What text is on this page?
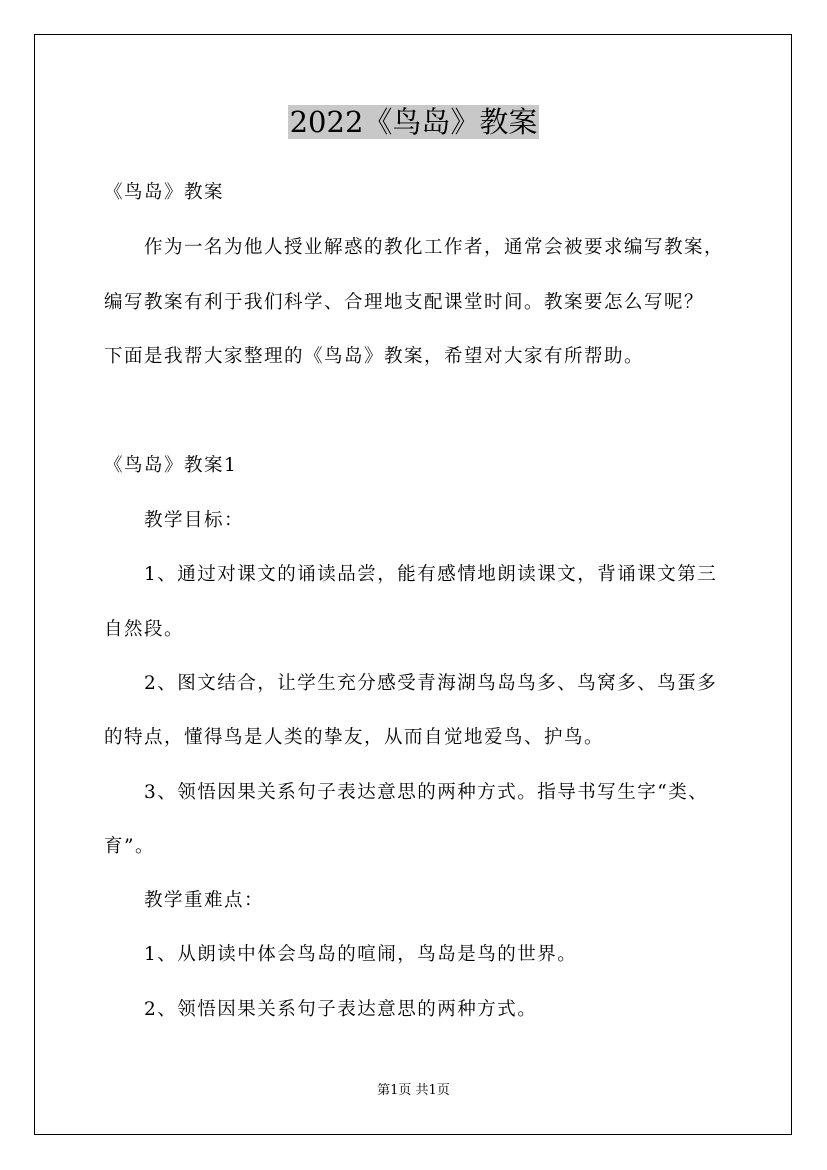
2022《鸟岛》教案
《鸟岛》教案
作为一名为他人授业解惑的教化工作者，通常会被要求编写教案，
编写教案有利于我们科学、合理地支配课堂时间。教案要怎么写呢？
下面是我帮大家整理的《鸟岛》教案，希望对大家有所帮助。
《鸟岛》教案1
教学目标：
1、通过对课文的诵读品尝，能有感情地朗读课文，背诵课文第三
自然段。
2、图文结合，让学生充分感受青海湖鸟岛鸟多、鸟窝多、鸟蛋多
的特点，懂得鸟是人类的挚友，从而自觉地爱鸟、护鸟。
3、领悟因果关系句子表达意思的两种方式。指导书写生字“类、
育”。
教学重难点：
1、从朗读中体会鸟岛的喧闹，鸟岛是鸟的世界。
2、领悟因果关系句子表达意思的两种方式。
第1页 共1页
